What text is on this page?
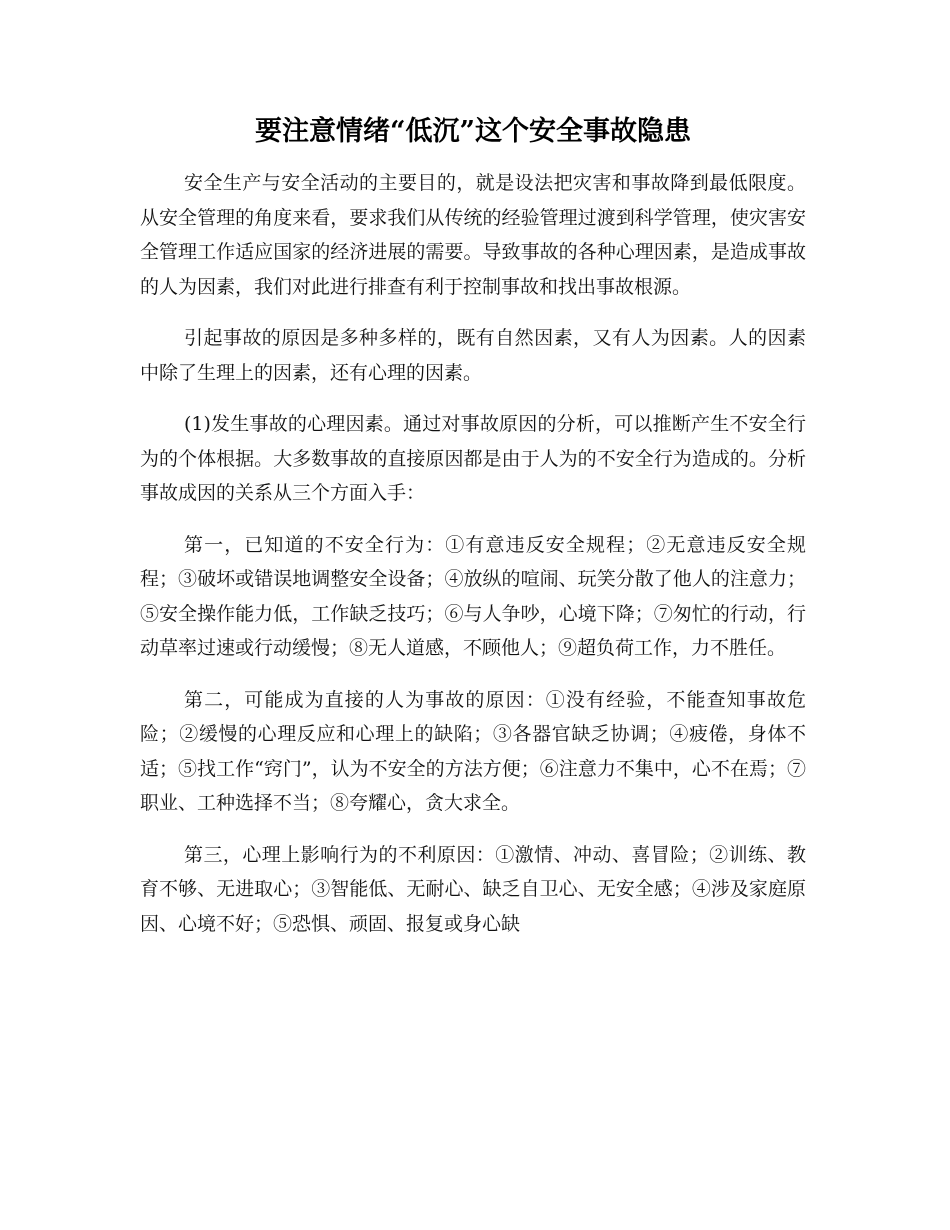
要注意情绪“低沉”这个安全事故隐患

安全生产与安全活动的主要目的，就是设法把灾害和事故降到最低限度。从安全管理的角度来看，要求我们从传统的经验管理过渡到科学管理，使灾害安全管理工作适应国家的经济进展的需要。导致事故的各种心理因素，是造成事故的人为因素，我们对此进行排查有利于控制事故和找出事故根源。

引起事故的原因是多种多样的，既有自然因素，又有人为因素。人的因素中除了生理上的因素，还有心理的因素。

(1)发生事故的心理因素。通过对事故原因的分析，可以推断产生不安全行为的个体根据。大多数事故的直接原因都是由于人为的不安全行为造成的。分析事故成因的关系从三个方面入手：

第一，已知道的不安全行为：①有意违反安全规程；②无意违反安全规程；③破坏或错误地调整安全设备；④放纵的喧闹、玩笑分散了他人的注意力；⑤安全操作能力低，工作缺乏技巧；⑥与人争吵，心境下降；⑦匆忙的行动，行动草率过速或行动缓慢；⑧无人道感，不顾他人；⑨超负荷工作，力不胜任。

第二，可能成为直接的人为事故的原因：①没有经验，不能查知事故危险；②缓慢的心理反应和心理上的缺陷；③各器官缺乏协调；④疲倦，身体不适；⑤找工作“窍门”，认为不安全的方法方便；⑥注意力不集中，心不在焉；⑦职业、工种选择不当；⑧夸耀心，贪大求全。

第三，心理上影响行为的不利原因：①激情、冲动、喜冒险；②训练、教育不够、无进取心；③智能低、无耐心、缺乏自卫心、无安全感；④涉及家庭原因、心境不好；⑤恐惧、顽固、报复或身心缺
